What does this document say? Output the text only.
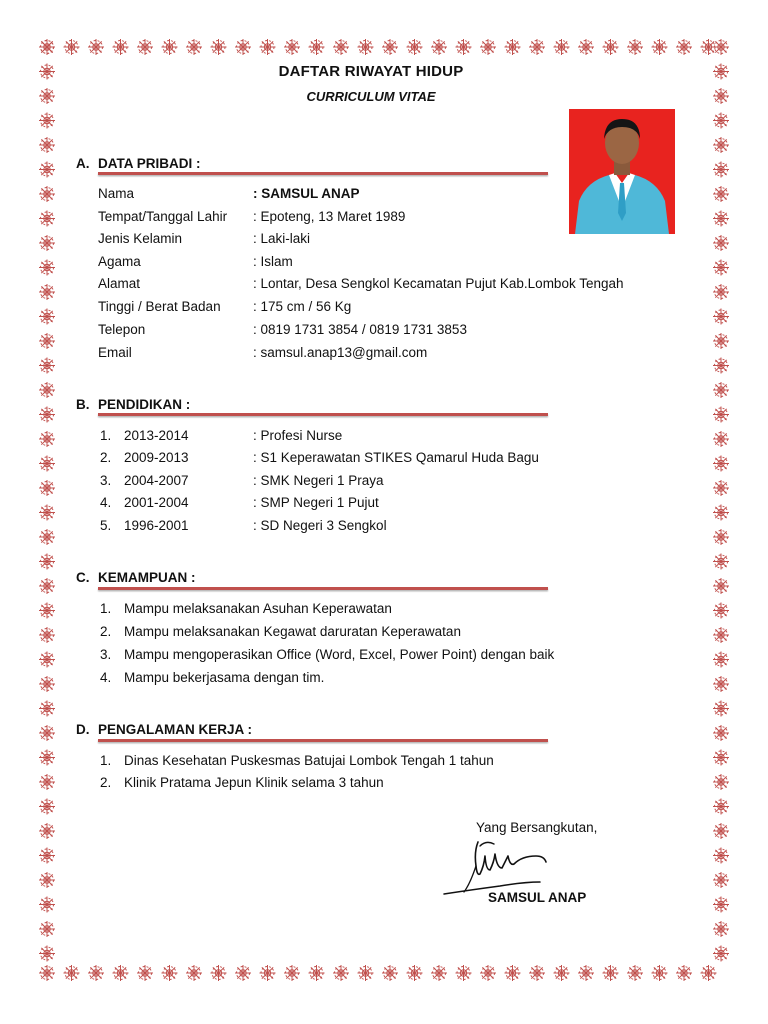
DAFTAR RIWAYAT HIDUP
CURRICULUM VITAE
A. DATA PRIBADI :
Nama	: SAMSUL ANAP
Tempat/Tanggal Lahir : Epoteng, 13 Maret 1989
Jenis Kelamin	: Laki-laki
Agama	: Islam
Alamat	: Lontar, Desa Sengkol Kecamatan Pujut Kab.Lombok Tengah
Tinggi / Berat Badan : 175 cm / 56 Kg
Telepon	: 0819 1731 3854 / 0819 1731 3853
Email	: samsul.anap13@gmail.com
B. PENDIDIKAN :
1. 2013-2014	: Profesi Nurse
2. 2009-2013	: S1 Keperawatan STIKES Qamarul Huda Bagu
3. 2004-2007	: SMK Negeri 1 Praya
4. 2001-2004	: SMP Negeri 1 Pujut
5. 1996-2001	: SD Negeri 3 Sengkol
C. KEMAMPUAN :
1. Mampu melaksanakan Asuhan Keperawatan
2. Mampu melaksanakan Kegawat daruratan Keperawatan
3. Mampu mengoperasikan Office (Word, Excel, Power Point) dengan baik
4. Mampu bekerjasama dengan tim.
D. PENGALAMAN KERJA :
1. Dinas Kesehatan Puskesmas Batujai Lombok Tengah 1 tahun
2. Klinik Pratama Jepun Klinik selama 3 tahun
Yang Bersangkutan,
SAMSUL ANAP
